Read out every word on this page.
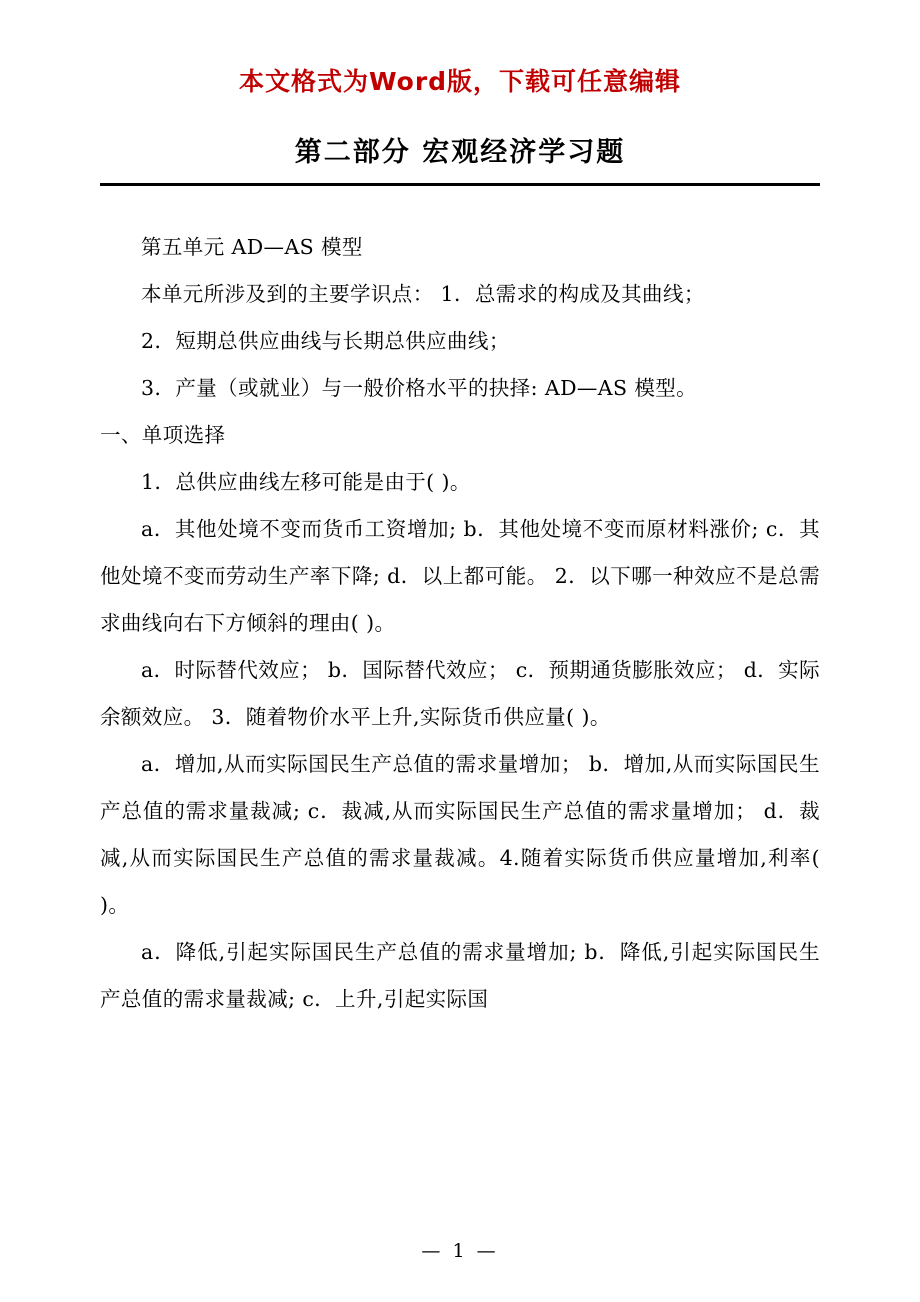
本文格式为Word版，下载可任意编辑
第二部分 宏观经济学习题

第五单元 AD—AS 模型

本单元所涉及到的主要学识点： 1．总需求的构成及其曲线；

2．短期总供应曲线与长期总供应曲线；

3．产量（或就业）与一般价格水平的抉择: AD—AS 模型。

一、单项选择

1．总供应曲线左移可能是由于( )。

a．其他处境不变而货币工资增加; b．其他处境不变而原材料涨价; c．其他处境不变而劳动生产率下降; d．以上都可能。 2．以下哪一种效应不是总需求曲线向右下方倾斜的理由( )。

a．时际替代效应； b．国际替代效应； c．预期通货膨胀效应； d．实际余额效应。 3．随着物价水平上升,实际货币供应量( )。

a．增加,从而实际国民生产总值的需求量增加； b．增加,从而实际国民生产总值的需求量裁减; c．裁减,从而实际国民生产总值的需求量增加； d．裁减,从而实际国民生产总值的需求量裁减。4.随着实际货币供应量增加,利率( )。

a．降低,引起实际国民生产总值的需求量增加; b．降低,引起实际国民生产总值的需求量裁减; c．上升,引起实际国

— 1 —
